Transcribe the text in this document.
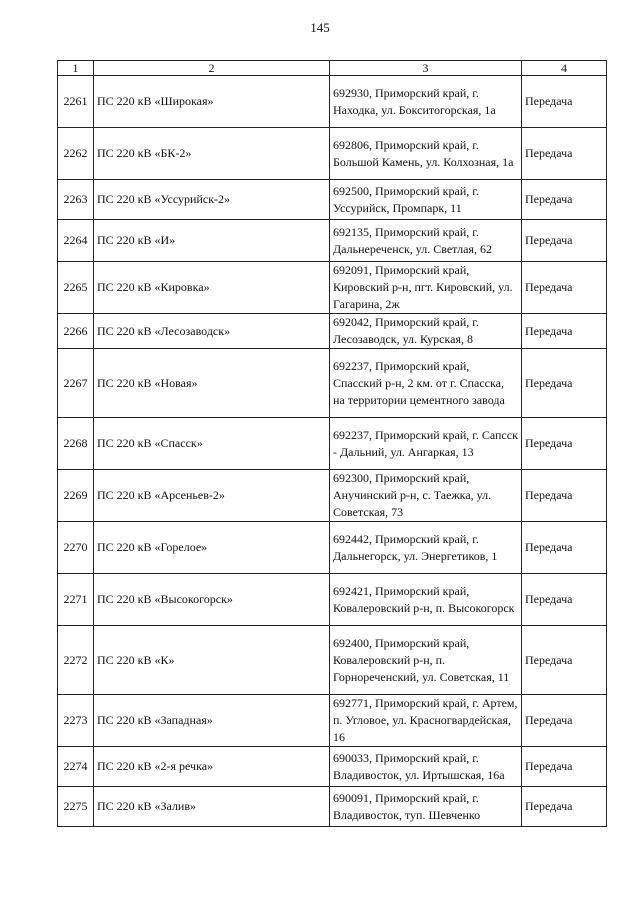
145
1	2	3	4
2261	ПС 220 кВ «Широкая»	692930, Приморский край, г. Находка, ул. Бокситогорская, 1а	Передача
2262	ПС 220 кВ «БК-2»	692806, Приморский край, г. Большой Камень, ул. Колхозная, 1а	Передача
2263	ПС 220 кВ «Уссурийск-2»	692500, Приморский край, г. Уссурийск, Промпарк, 11	Передача
2264	ПС 220 кВ «И»	692135, Приморский край, г. Дальнереченск, ул. Светлая, 62	Передача
2265	ПС 220 кВ «Кировка»	692091, Приморский край, Кировский р-н, пгт. Кировский, ул. Гагарина, 2ж	Передача
2266	ПС 220 кВ «Лесозаводск»	692042, Приморский край, г. Лесозаводск, ул. Курская, 8	Передача
2267	ПС 220 кВ «Новая»	692237, Приморский край, Спасский р-н, 2 км. от г. Спасска, на территории цементного завода	Передача
2268	ПС 220 кВ «Спасск»	692237, Приморский край, г. Сапсск - Дальний, ул. Ангаркая, 13	Передача
2269	ПС 220 кВ «Арсеньев-2»	692300, Приморский край, Анучинский р-н, с. Таежка, ул. Советская, 73	Передача
2270	ПС 220 кВ «Горелое»	692442, Приморский край, г. Дальнегорск, ул. Энергетиков, 1	Передача
2271	ПС 220 кВ «Высокогорск»	692421, Приморский край, Ковалеровский р-н, п. Высокогорск	Передача
2272	ПС 220 кВ «К»	692400, Приморский край, Ковалеровский р-н, п. Горнореченский, ул. Советская, 11	Передача
2273	ПС 220 кВ «Западная»	692771, Приморский край, г. Артем, п. Угловое, ул. Красногвардейская, 16	Передача
2274	ПС 220 кВ «2-я речка»	690033, Приморский край, г. Владивосток, ул. Иртышская, 16а	Передача
2275	ПС 220 кВ «Залив»	690091, Приморский край, г. Владивосток, туп. Шевченко	Передача
